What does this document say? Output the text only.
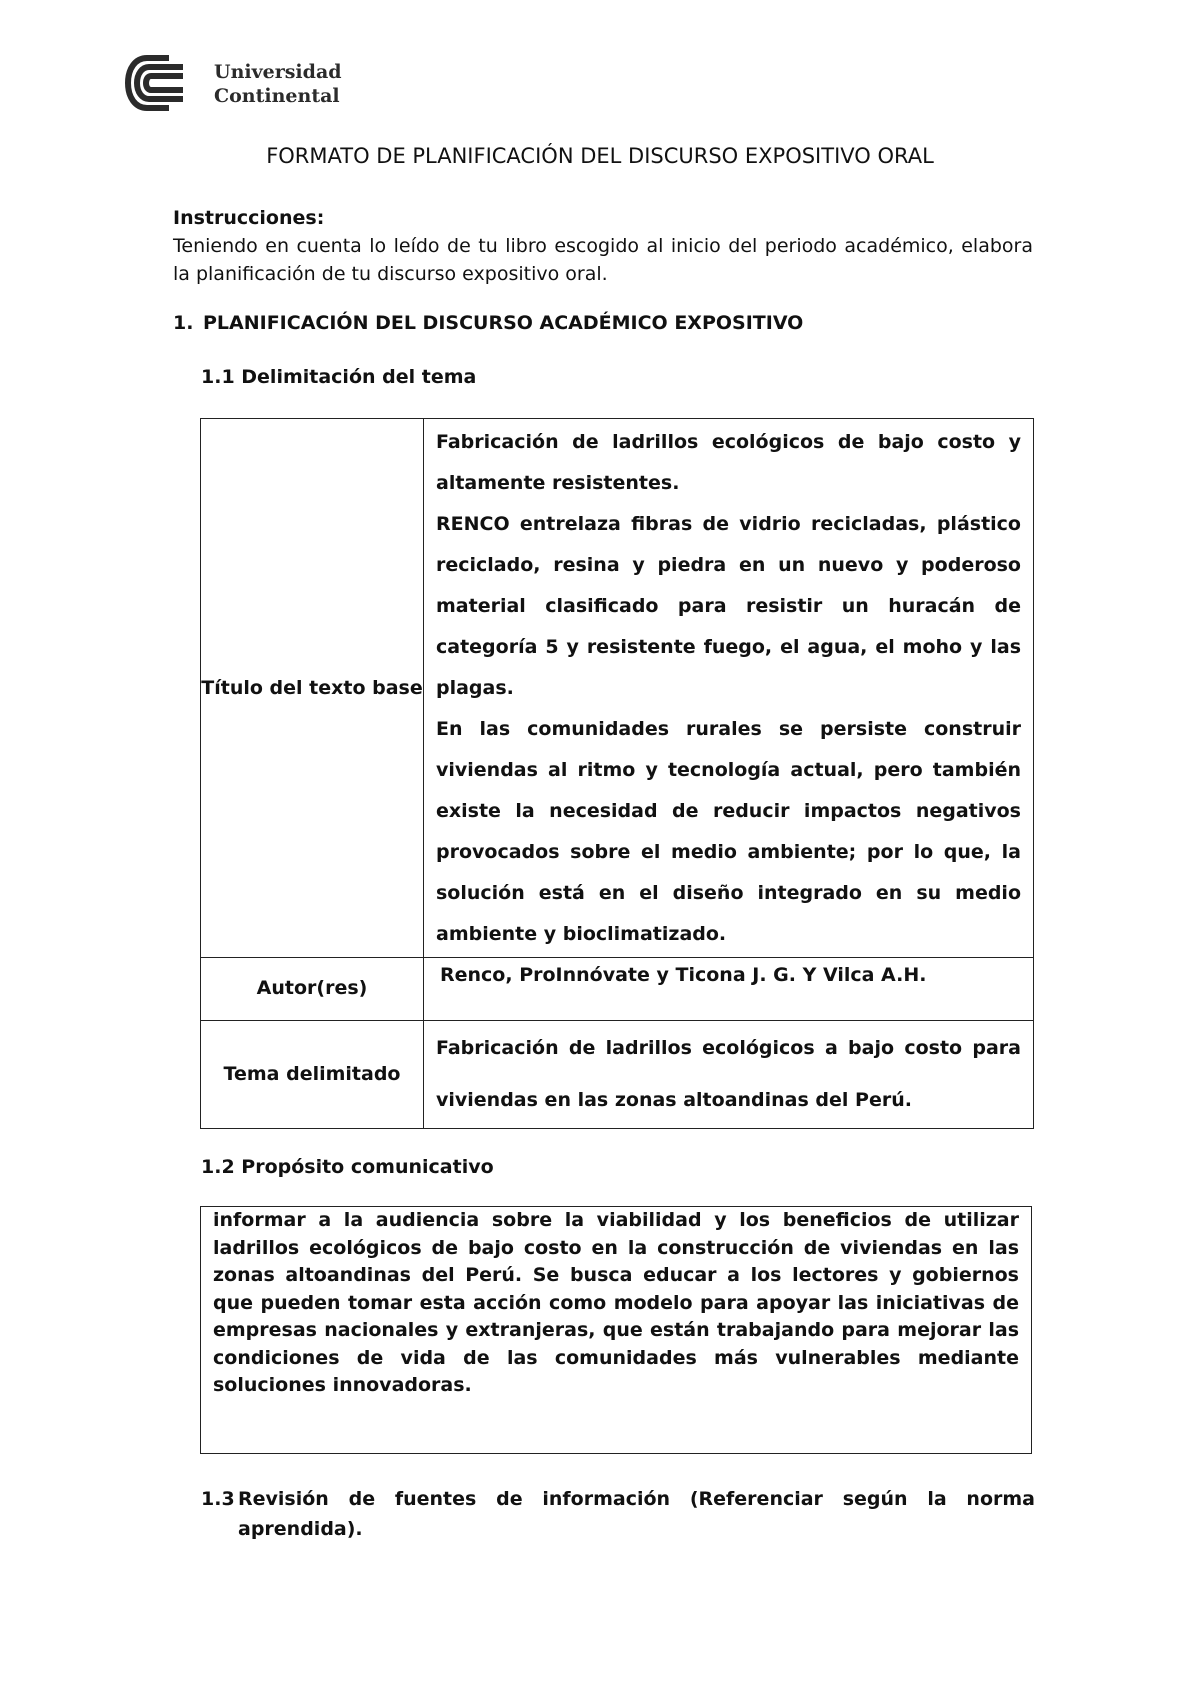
Universidad
Continental
FORMATO DE PLANIFICACIÓN DEL DISCURSO EXPOSITIVO ORAL
Instrucciones:
Teniendo en cuenta lo leído de tu libro escogido al inicio del periodo académico, elabora la planificación de tu discurso expositivo oral.
1. PLANIFICACIÓN DEL DISCURSO ACADÉMICO EXPOSITIVO
1.1 Delimitación del tema
Título del texto base	Fabricación de ladrillos ecológicos de bajo costo y altamente resistentes.

RENCO entrelaza fibras de vidrio recicladas, plástico reciclado, resina y piedra en un nuevo y poderoso material clasificado para resistir un huracán de categoría 5 y resistente fuego, el agua, el moho y las plagas.

En las comunidades rurales se persiste construir viviendas al ritmo y tecnología actual, pero también existe la necesidad de reducir impactos negativos provocados sobre el medio ambiente; por lo que, la solución está en el diseño integrado en su medio ambiente y bioclimatizado.

Autor(res)	Renco, ProInnóvate y Ticona J. G. Y Vilca A.H.
Tema delimitado	Fabricación de ladrillos ecológicos a bajo costo para viviendas en las zonas altoandinas del Perú.
1.2 Propósito comunicativo
informar a la audiencia sobre la viabilidad y los beneficios de utilizar ladrillos ecológicos de bajo costo en la construcción de viviendas en las zonas altoandinas del Perú. Se busca educar a los lectores y gobiernos que pueden tomar esta acción como modelo para apoyar las iniciativas de empresas nacionales y extranjeras, que están trabajando para mejorar las condiciones de vida de las comunidades más vulnerables mediante soluciones innovadoras.
1.3 Revisión de fuentes de información (Referenciar según la norma aprendida).
